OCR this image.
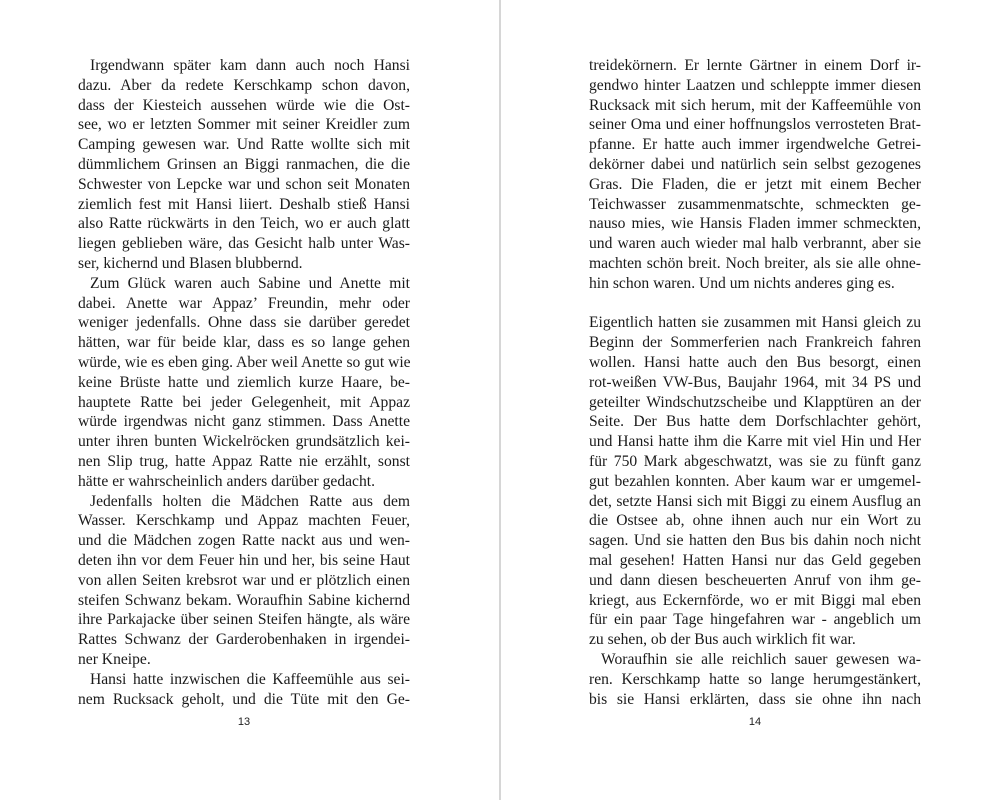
Irgendwann später kam dann auch noch Hansi
dazu. Aber da redete Kerschkamp schon davon,
dass der Kiesteich aussehen würde wie die Ost-
see, wo er letzten Sommer mit seiner Kreidler zum
Camping gewesen war. Und Ratte wollte sich mit
dümmlichem Grinsen an Biggi ranmachen, die die
Schwester von Lepcke war und schon seit Monaten
ziemlich fest mit Hansi liiert. Deshalb stieß Hansi
also Ratte rückwärts in den Teich, wo er auch glatt
liegen geblieben wäre, das Gesicht halb unter Was-
ser, kichernd und Blasen blubbernd.
Zum Glück waren auch Sabine und Anette mit
dabei. Anette war Appaz’ Freundin, mehr oder
weniger jedenfalls. Ohne dass sie darüber geredet
hätten, war für beide klar, dass es so lange gehen
würde, wie es eben ging. Aber weil Anette so gut wie
keine Brüste hatte und ziemlich kurze Haare, be-
hauptete Ratte bei jeder Gelegenheit, mit Appaz
würde irgendwas nicht ganz stimmen. Dass Anette
unter ihren bunten Wickelröcken grundsätzlich kei-
nen Slip trug, hatte Appaz Ratte nie erzählt, sonst
hätte er wahrscheinlich anders darüber gedacht.
Jedenfalls holten die Mädchen Ratte aus dem
Wasser. Kerschkamp und Appaz machten Feuer,
und die Mädchen zogen Ratte nackt aus und wen-
deten ihn vor dem Feuer hin und her, bis seine Haut
von allen Seiten krebsrot war und er plötzlich einen
steifen Schwanz bekam. Woraufhin Sabine kichernd
ihre Parkajacke über seinen Steifen hängte, als wäre
Rattes Schwanz der Garderobenhaken in irgendei-
ner Kneipe.
Hansi hatte inzwischen die Kaffeemühle aus sei-
nem Rucksack geholt, und die Tüte mit den Ge-
13
treidekörnern. Er lernte Gärtner in einem Dorf ir-
gendwo hinter Laatzen und schleppte immer diesen
Rucksack mit sich herum, mit der Kaffeemühle von
seiner Oma und einer hoffnungslos verrosteten Brat-
pfanne. Er hatte auch immer irgendwelche Getrei-
dekörner dabei und natürlich sein selbst gezogenes
Gras. Die Fladen, die er jetzt mit einem Becher
Teichwasser zusammenmatschte, schmeckten ge-
nauso mies, wie Hansis Fladen immer schmeckten,
und waren auch wieder mal halb verbrannt, aber sie
machten schön breit. Noch breiter, als sie alle ohne-
hin schon waren. Und um nichts anderes ging es.
Eigentlich hatten sie zusammen mit Hansi gleich zu
Beginn der Sommerferien nach Frankreich fahren
wollen. Hansi hatte auch den Bus besorgt, einen
rot-weißen VW-Bus, Baujahr 1964, mit 34 PS und
geteilter Windschutzscheibe und Klapptüren an der
Seite. Der Bus hatte dem Dorfschlachter gehört,
und Hansi hatte ihm die Karre mit viel Hin und Her
für 750 Mark abgeschwatzt, was sie zu fünft ganz
gut bezahlen konnten. Aber kaum war er umgemel-
det, setzte Hansi sich mit Biggi zu einem Ausflug an
die Ostsee ab, ohne ihnen auch nur ein Wort zu
sagen. Und sie hatten den Bus bis dahin noch nicht
mal gesehen! Hatten Hansi nur das Geld gegeben
und dann diesen bescheuerten Anruf von ihm ge-
kriegt, aus Eckernförde, wo er mit Biggi mal eben
für ein paar Tage hingefahren war - angeblich um
zu sehen, ob der Bus auch wirklich fit war.
Woraufhin sie alle reichlich sauer gewesen wa-
ren. Kerschkamp hatte so lange herumgestänkert,
bis sie Hansi erklärten, dass sie ohne ihn nach
14
